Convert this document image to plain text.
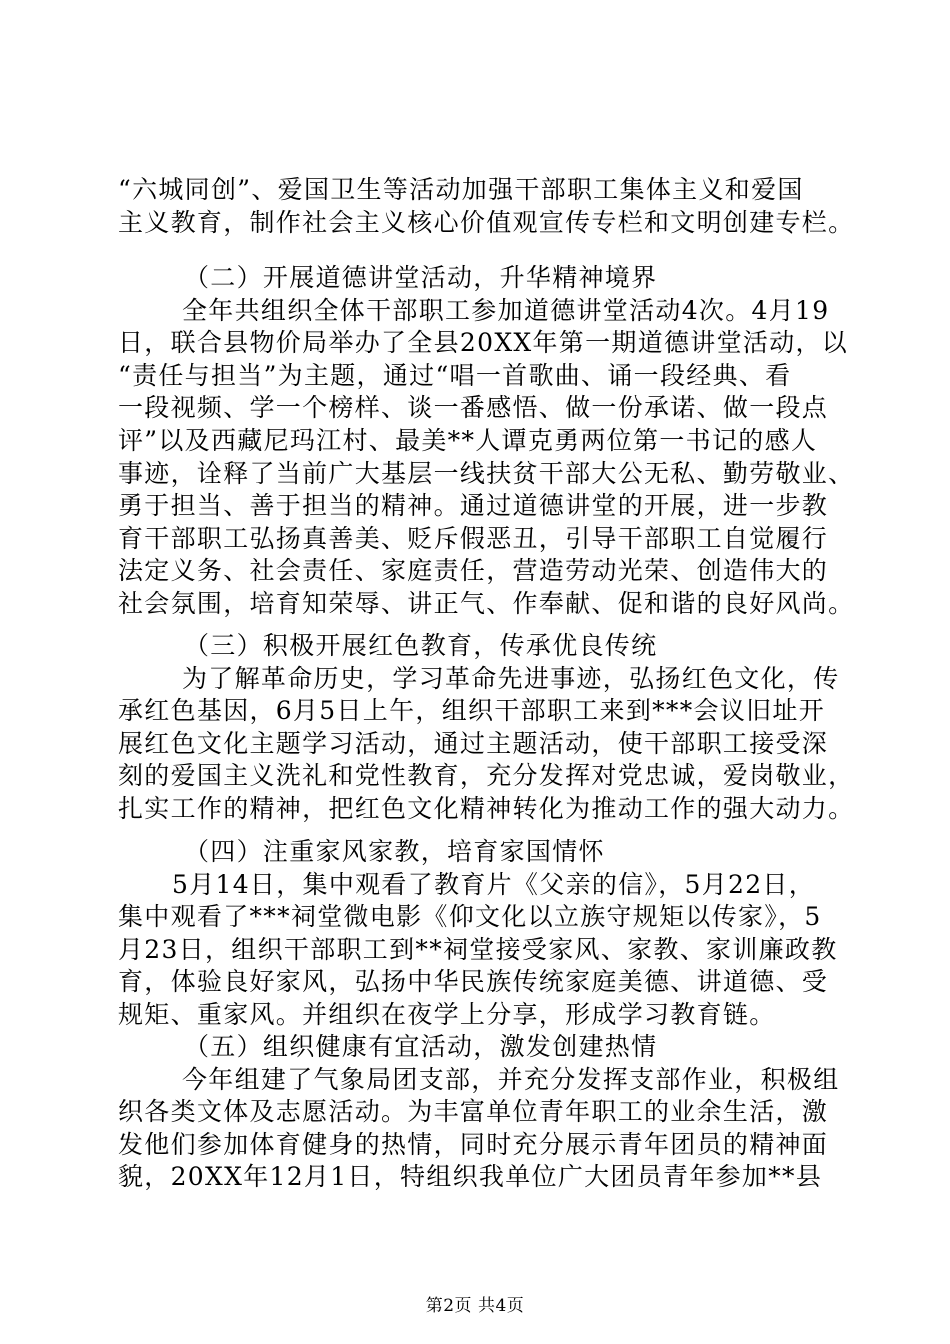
“六城同创”、爱国卫生等活动加强干部职工集体主义和爱国
主义教育，制作社会主义核心价值观宣传专栏和文明创建专栏。
（二）开展道德讲堂活动，升华精神境界
全年共组织全体干部职工参加道德讲堂活动4次。4月19
日，联合县物价局举办了全县20XX年第一期道德讲堂活动，以
“责任与担当”为主题，通过“唱一首歌曲、诵一段经典、看
一段视频、学一个榜样、谈一番感悟、做一份承诺、做一段点
评”以及西藏尼玛江村、最美**人谭克勇两位第一书记的感人
事迹，诠释了当前广大基层一线扶贫干部大公无私、勤劳敬业、
勇于担当、善于担当的精神。通过道德讲堂的开展，进一步教
育干部职工弘扬真善美、贬斥假恶丑，引导干部职工自觉履行
法定义务、社会责任、家庭责任，营造劳动光荣、创造伟大的
社会氛围，培育知荣辱、讲正气、作奉献、促和谐的良好风尚。
（三）积极开展红色教育，传承优良传统
为了解革命历史，学习革命先进事迹，弘扬红色文化，传
承红色基因，6月5日上午，组织干部职工来到***会议旧址开
展红色文化主题学习活动，通过主题活动，使干部职工接受深
刻的爱国主义洗礼和党性教育，充分发挥对党忠诚，爱岗敬业，
扎实工作的精神，把红色文化精神转化为推动工作的强大动力。
（四）注重家风家教，培育家国情怀
5月14日，集中观看了教育片《父亲的信》，5月22日，
集中观看了***祠堂微电影《仰文化以立族守规矩以传家》，5
月23日，组织干部职工到**祠堂接受家风、家教、家训廉政教
育，体验良好家风，弘扬中华民族传统家庭美德、讲道德、受
规矩、重家风。并组织在夜学上分享，形成学习教育链。
（五）组织健康有宜活动，激发创建热情
今年组建了气象局团支部，并充分发挥支部作业，积极组
织各类文体及志愿活动。为丰富单位青年职工的业余生活，激
发他们参加体育健身的热情，同时充分展示青年团员的精神面
貌，20XX年12月1日，特组织我单位广大团员青年参加**县
第2页 共4页
